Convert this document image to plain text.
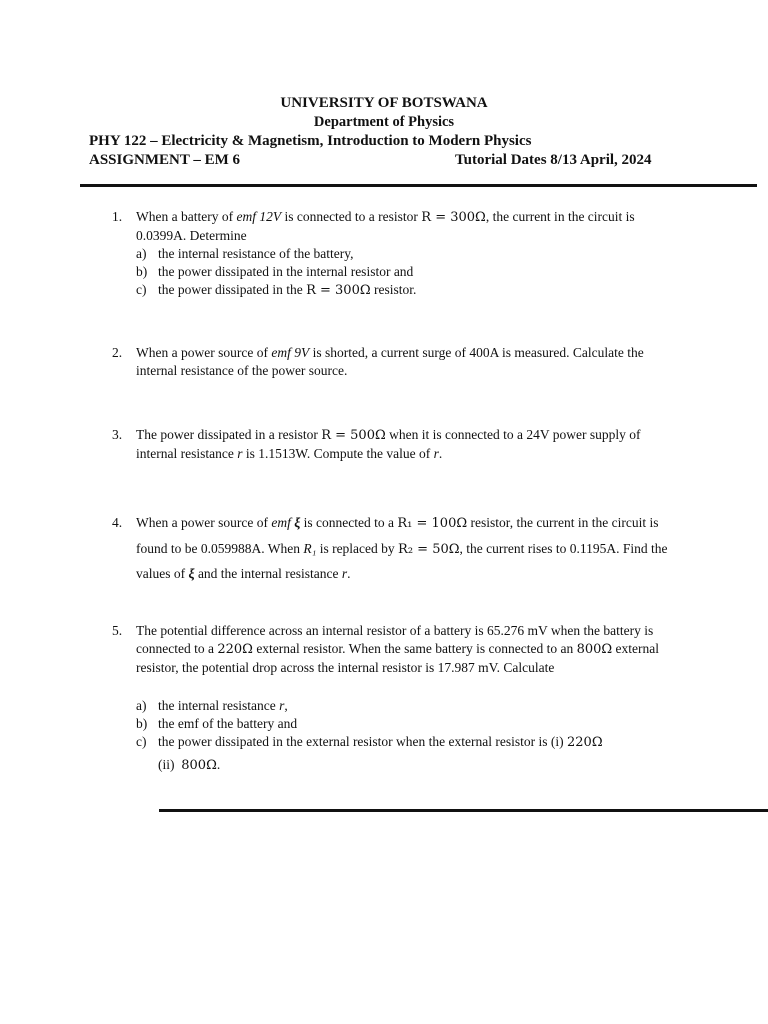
UNIVERSITY OF BOTSWANA
Department of Physics
PHY 122 – Electricity & Magnetism, Introduction to Modern Physics
ASSIGNMENT – EM 6	Tutorial Dates 8/13 April, 2024
1. When a battery of emf 12V is connected to a resistor R = 300Ω, the current in the circuit is 0.0399A. Determine
a) the internal resistance of the battery,
b) the power dissipated in the internal resistor and
c) the power dissipated in the R = 300Ω resistor.
2. When a power source of emf 9V is shorted, a current surge of 400A is measured. Calculate the internal resistance of the power source.
3. The power dissipated in a resistor R = 500Ω when it is connected to a 24V power supply of internal resistance r is 1.1513W. Compute the value of r.
4. When a power source of emf ξ is connected to a R₁ = 100Ω resistor, the current in the circuit is found to be 0.059988A. When R₁ is replaced by R₂ = 50Ω, the current rises to 0.1195A. Find the values of ξ and the internal resistance r.
5. The potential difference across an internal resistor of a battery is 65.276 mV when the battery is connected to a 220Ω external resistor. When the same battery is connected to an 800Ω external resistor, the potential drop across the internal resistor is 17.987 mV. Calculate
a) the internal resistance r,
b) the emf of the battery and
c) the power dissipated in the external resistor when the external resistor is (i) 220Ω
(ii) 800Ω.
